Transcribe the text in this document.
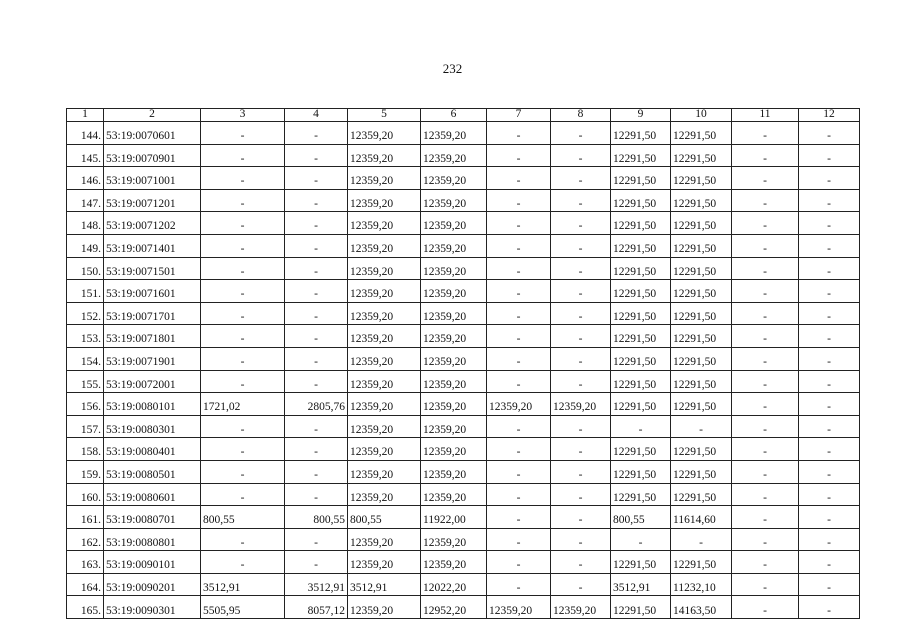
232
1	2	3	4	5	6	7	8	9	10	11	12
144.	53:19:0070601	-	-	12359,20	12359,20	-	-	12291,50	12291,50	-	-
145.	53:19:0070901	-	-	12359,20	12359,20	-	-	12291,50	12291,50	-	-
146.	53:19:0071001	-	-	12359,20	12359,20	-	-	12291,50	12291,50	-	-
147.	53:19:0071201	-	-	12359,20	12359,20	-	-	12291,50	12291,50	-	-
148.	53:19:0071202	-	-	12359,20	12359,20	-	-	12291,50	12291,50	-	-
149.	53:19:0071401	-	-	12359,20	12359,20	-	-	12291,50	12291,50	-	-
150.	53:19:0071501	-	-	12359,20	12359,20	-	-	12291,50	12291,50	-	-
151.	53:19:0071601	-	-	12359,20	12359,20	-	-	12291,50	12291,50	-	-
152.	53:19:0071701	-	-	12359,20	12359,20	-	-	12291,50	12291,50	-	-
153.	53:19:0071801	-	-	12359,20	12359,20	-	-	12291,50	12291,50	-	-
154.	53:19:0071901	-	-	12359,20	12359,20	-	-	12291,50	12291,50	-	-
155.	53:19:0072001	-	-	12359,20	12359,20	-	-	12291,50	12291,50	-	-
156.	53:19:0080101	1721,02	2805,76	12359,20	12359,20	12359,20	12359,20	12291,50	12291,50	-	-
157.	53:19:0080301	-	-	12359,20	12359,20	-	-	-	-	-	-
158.	53:19:0080401	-	-	12359,20	12359,20	-	-	12291,50	12291,50	-	-
159.	53:19:0080501	-	-	12359,20	12359,20	-	-	12291,50	12291,50	-	-
160.	53:19:0080601	-	-	12359,20	12359,20	-	-	12291,50	12291,50	-	-
161.	53:19:0080701	800,55	800,55	800,55	11922,00	-	-	800,55	11614,60	-	-
162.	53:19:0080801	-	-	12359,20	12359,20	-	-	-	-	-	-
163.	53:19:0090101	-	-	12359,20	12359,20	-	-	12291,50	12291,50	-	-
164.	53:19:0090201	3512,91	3512,91	3512,91	12022,20	-	-	3512,91	11232,10	-	-
165.	53:19:0090301	5505,95	8057,12	12359,20	12952,20	12359,20	12359,20	12291,50	14163,50	-	-
